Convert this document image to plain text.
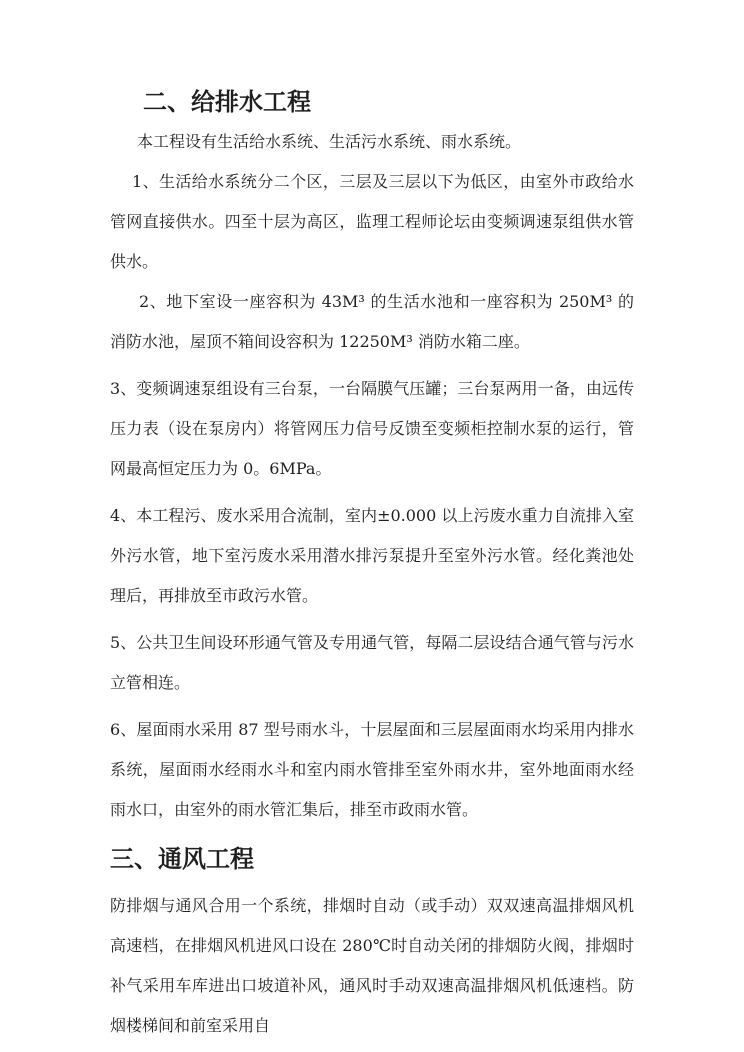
二、给排水工程

本工程设有生活给水系统、生活污水系统、雨水系统。

1、生活给水系统分二个区，三层及三层以下为低区，由室外市政给水管网直接供水。四至十层为高区，监理工程师论坛由变频调速泵组供水管供水。

2、地下室设一座容积为 43M³ 的生活水池和一座容积为 250M³ 的消防水池，屋顶不箱间设容积为 12250M³ 消防水箱二座。

3、变频调速泵组设有三台泵，一台隔膜气压罐；三台泵两用一备，由远传压力表（设在泵房内）将管网压力信号反馈至变频柜控制水泵的运行，管网最高恒定压力为 0。6MPa。

4、本工程污、废水采用合流制，室内±0.000 以上污废水重力自流排入室外污水管，地下室污废水采用潜水排污泵提升至室外污水管。经化粪池处理后，再排放至市政污水管。

5、公共卫生间设环形通气管及专用通气管，每隔二层设结合通气管与污水立管相连。

6、屋面雨水采用 87 型号雨水斗，十层屋面和三层屋面雨水均采用内排水系统，屋面雨水经雨水斗和室内雨水管排至室外雨水井，室外地面雨水经雨水口，由室外的雨水管汇集后，排至市政雨水管。

三、通风工程

防排烟与通风合用一个系统，排烟时自动（或手动）双双速高温排烟风机高速档，在排烟风机进风口设在 280℃时自动关闭的排烟防火阀，排烟时补气采用车库进出口坡道补风，通风时手动双速高温排烟风机低速档。防烟楼梯间和前室采用自
